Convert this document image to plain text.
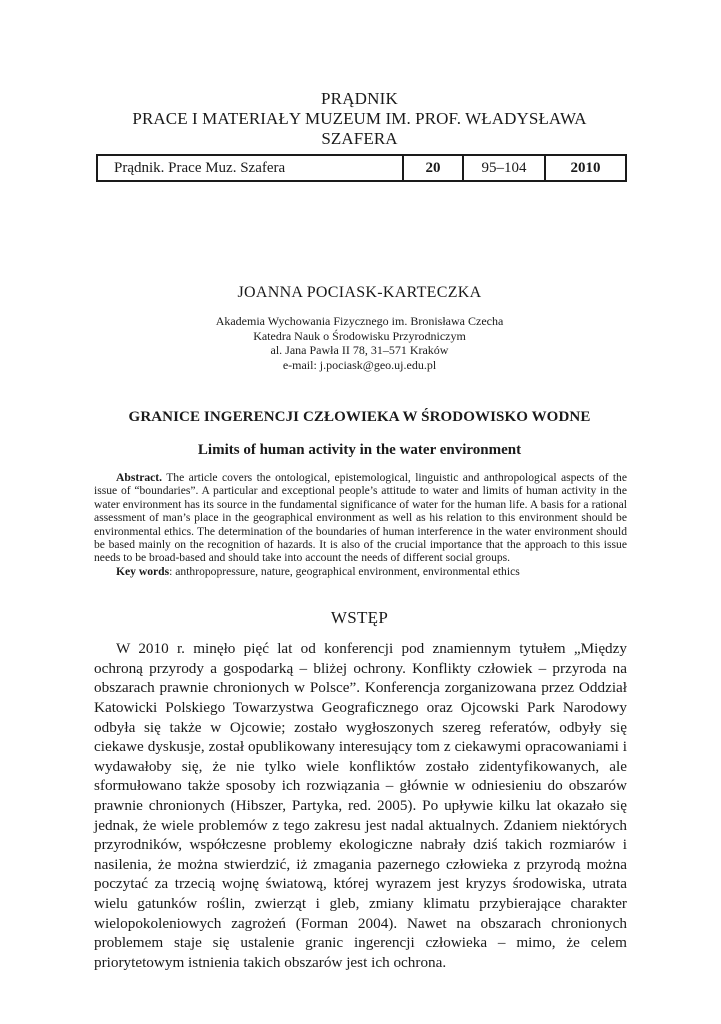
PRĄDNIK
PRACE I MATERIAŁY MUZEUM IM. PROF. WŁADYSŁAWA SZAFERA
Prądnik. Prace Muz. Szafera	20	95–104	2010
JOANNA POCIASK-KARTECZKA
Akademia Wychowania Fizycznego im. Bronisława Czecha
Katedra Nauk o Środowisku Przyrodniczym
al. Jana Pawła II 78, 31–571 Kraków
e-mail: j.pociask@geo.uj.edu.pl
GRANICE INGERENCJI CZŁOWIEKA W ŚRODOWISKO WODNE
Limits of human activity in the water environment

Abstract. The article covers the ontological, epistemological, linguistic and anthropological aspects of the issue of “boundaries”. A particular and exceptional people’s attitude to water and limits of human activity in the water environment has its source in the fundamental significance of water for the human life. A basis for a rational assessment of man’s place in the geographical environment as well as his relation to this environment should be environmental ethics. The determination of the boundaries of human interference in the water environment should be based mainly on the recognition of hazards. It is also of the crucial importance that the approach to this issue needs to be broad-based and should take into account the needs of different social groups.

Key words: anthropopressure, nature, geographical environment, environmental ethics

WSTĘP

W 2010 r. minęło pięć lat od konferencji pod znamiennym tytułem „Między ochroną przyrody a gospodarką – bliżej ochrony. Konflikty człowiek – przyroda na obszarach prawnie chronionych w Polsce”. Konferencja zorganizowana przez Oddział Katowicki Polskiego Towarzystwa Geograficznego oraz Ojcowski Park Narodowy odbyła się także w Ojcowie; zostało wygłoszonych szereg referatów, odbyły się ciekawe dyskusje, został opublikowany interesujący tom z ciekawymi opracowaniami i wydawałoby się, że nie tylko wiele konfliktów zostało zidentyfikowanych, ale sformułowano także sposoby ich rozwiązania – głównie w odniesieniu do obszarów prawnie chronionych (Hibszer, Partyka, red. 2005). Po upływie kilku lat okazało się jednak, że wiele problemów z tego zakresu jest nadal aktualnych. Zdaniem niektórych przyrodników, współczesne problemy ekologiczne nabrały dziś takich rozmiarów i nasilenia, że można stwierdzić, iż zmagania pazernego człowieka z przyrodą można poczytać za trzecią wojnę światową, której wyrazem jest kryzys środowiska, utrata wielu gatunków roślin, zwierząt i gleb, zmiany klimatu przybierające charakter wielopokoleniowych zagrożeń (Forman 2004). Nawet na obszarach chronionych problemem staje się ustalenie granic ingerencji człowieka – mimo, że celem priorytetowym istnienia takich obszarów jest ich ochrona.
